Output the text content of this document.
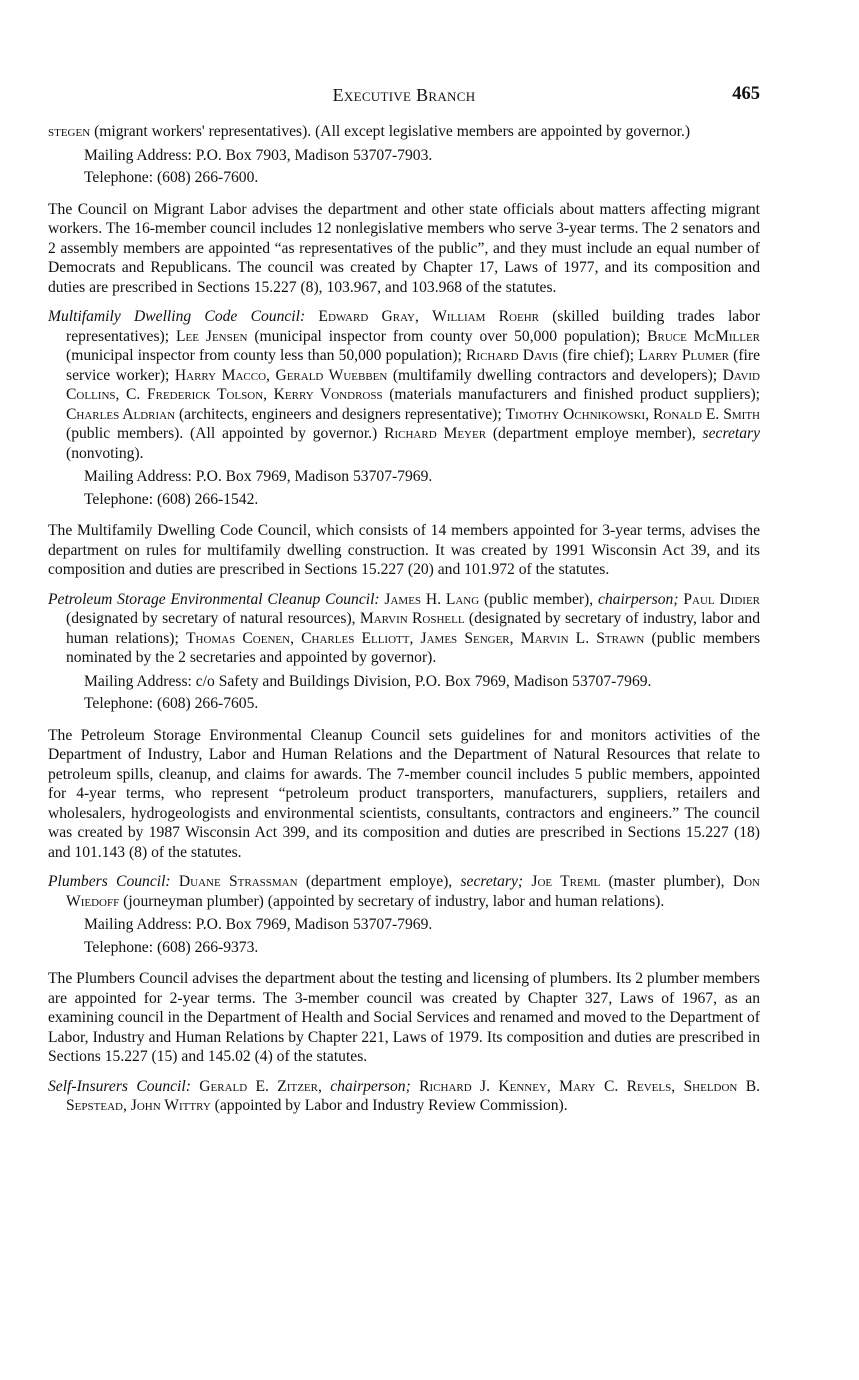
Executive Branch	465

stegen (migrant workers' representatives). (All except legislative members are appointed by governor.)

Mailing Address: P.O. Box 7903, Madison 53707-7903.

Telephone: (608) 266-7600.

The Council on Migrant Labor advises the department and other state officials about matters affecting migrant workers. The 16-member council includes 12 nonlegislative members who serve 3-year terms. The 2 senators and 2 assembly members are appointed “as representatives of the public”, and they must include an equal number of Democrats and Republicans. The council was created by Chapter 17, Laws of 1977, and its composition and duties are prescribed in Sections 15.227 (8), 103.967, and 103.968 of the statutes.

Multifamily Dwelling Code Council: Edward Gray, William Roehr (skilled building trades labor representatives); Lee Jensen (municipal inspector from county over 50,000 population); Bruce McMiller (municipal inspector from county less than 50,000 population); Richard Davis (fire chief); Larry Plumer (fire service worker); Harry Macco, Gerald Wuebben (multifamily dwelling contractors and developers); David Collins, C. Frederick Tolson, Kerry Vondross (materials manufacturers and finished product suppliers); Charles Aldrian (architects, engineers and designers representative); Timothy Ochnikowski, Ronald E. Smith (public members). (All appointed by governor.) Richard Meyer (department employe member), secretary (nonvoting).

Mailing Address: P.O. Box 7969, Madison 53707-7969.

Telephone: (608) 266-1542.

The Multifamily Dwelling Code Council, which consists of 14 members appointed for 3-year terms, advises the department on rules for multifamily dwelling construction. It was created by 1991 Wisconsin Act 39, and its composition and duties are prescribed in Sections 15.227 (20) and 101.972 of the statutes.

Petroleum Storage Environmental Cleanup Council: James H. Lang (public member), chairperson; Paul Didier (designated by secretary of natural resources), Marvin Roshell (designated by secretary of industry, labor and human relations); Thomas Coenen, Charles Elliott, James Senger, Marvin L. Strawn (public members nominated by the 2 secretaries and appointed by governor).

Mailing Address: c/o Safety and Buildings Division, P.O. Box 7969, Madison 53707-7969.

Telephone: (608) 266-7605.

The Petroleum Storage Environmental Cleanup Council sets guidelines for and monitors activities of the Department of Industry, Labor and Human Relations and the Department of Natural Resources that relate to petroleum spills, cleanup, and claims for awards. The 7-member council includes 5 public members, appointed for 4-year terms, who represent “petroleum product transporters, manufacturers, suppliers, retailers and wholesalers, hydrogeologists and environmental scientists, consultants, contractors and engineers.” The council was created by 1987 Wisconsin Act 399, and its composition and duties are prescribed in Sections 15.227 (18) and 101.143 (8) of the statutes.

Plumbers Council: Duane Strassman (department employe), secretary; Joe Treml (master plumber), Don Wiedoff (journeyman plumber) (appointed by secretary of industry, labor and human relations).

Mailing Address: P.O. Box 7969, Madison 53707-7969.

Telephone: (608) 266-9373.

The Plumbers Council advises the department about the testing and licensing of plumbers. Its 2 plumber members are appointed for 2-year terms. The 3-member council was created by Chapter 327, Laws of 1967, as an examining council in the Department of Health and Social Services and renamed and moved to the Department of Labor, Industry and Human Relations by Chapter 221, Laws of 1979. Its composition and duties are prescribed in Sections 15.227 (15) and 145.02 (4) of the statutes.

Self-Insurers Council: Gerald E. Zitzer, chairperson; Richard J. Kenney, Mary C. Revels, Sheldon B. Sepstead, John Wittry (appointed by Labor and Industry Review Commission).
